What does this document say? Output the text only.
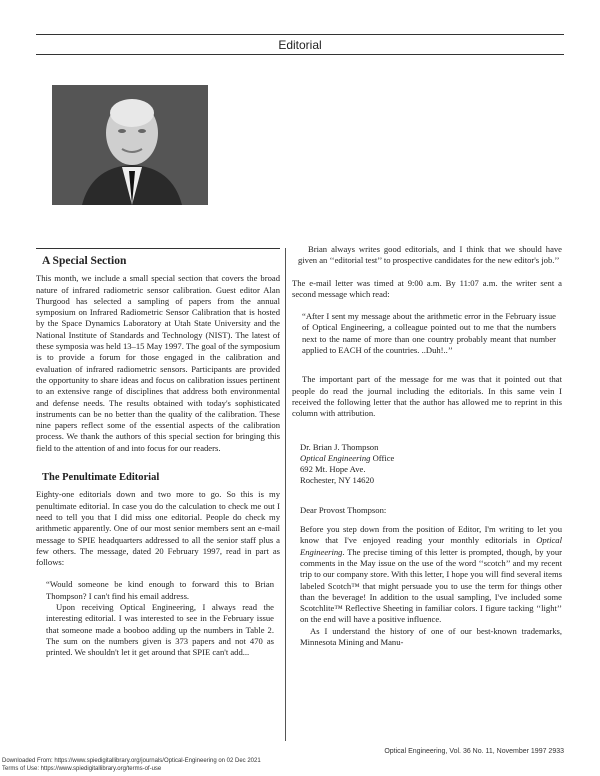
Editorial
A Special Section

This month, we include a small special section that covers the broad nature of infrared radiometric sensor calibration. Guest editor Alan Thurgood has selected a sampling of papers from the annual symposium on Infrared Radiometric Sensor Calibration that is hosted by the Space Dynamics Laboratory at Utah State University and the National Institute of Standards and Technology (NIST). The latest of these symposia was held 13–15 May 1997. The goal of the symposium is to provide a forum for those engaged in the calibration and evaluation of infrared radiometric sensors. Participants are provided the opportunity to share ideas and focus on calibration issues pertinent to an extensive range of disciplines that address both environmental and defense needs. The results obtained with today's sophisticated instruments can be no better than the quality of the calibration. These nine papers reflect some of the essential aspects of the calibration process. We thank the authors of this special section for bringing this field to the attention of and into focus for our readers.

The Penultimate Editorial

Eighty-one editorials down and two more to go. So this is my penultimate editorial. In case you do the calculation to check me out I need to tell you that I did miss one editorial. People do check my arithmetic apparently. One of our most senior members sent an e-mail message to SPIE headquarters addressed to all the senior staff plus a few others. The message, dated 20 February 1997, read in part as follows:

“Would someone be kind enough to forward this to Brian Thompson? I can't find his email address.

Upon receiving Optical Engineering, I always read the interesting editorial. I was interested to see in the February issue that someone made a booboo adding up the numbers in Table 2. The sum on the numbers given is 373 papers and not 470 as printed. We shouldn't let it get around that SPIE can't add...

Brian always writes good editorials, and I think that we should have given an ‘‘editorial test’’ to prospective candidates for the new editor's job.’’

The e-mail letter was timed at 9:00 a.m. By 11:07 a.m. the writer sent a second message which read:

“After I sent my message about the arithmetic error in the February issue of Optical Engineering, a colleague pointed out to me that the numbers next to the name of more than one country probably meant that number applied to EACH of the countries. ..Duh!..’’

The important part of the message for me was that it pointed out that people do read the journal including the editorials. In this same vein I received the following letter that the author has allowed me to reprint in this column with attribution.

Dr. Brian J. Thompson
Optical Engineering Office
692 Mt. Hope Ave.
Rochester, NY 14620

Dear Provost Thompson:

Before you step down from the position of Editor, I'm writing to let you know that I've enjoyed reading your monthly editorials in Optical Engineering. The precise timing of this letter is prompted, though, by your comments in the May issue on the use of the word ‘‘scotch’’ and my recent trip to our company store. With this letter, I hope you will find several items labeled Scotch™ that might persuade you to use the term for things other than the beverage! In addition to the usual sampling, I've included some Scotchlite™ Reflective Sheeting in familiar colors. I figure tacking ‘‘light’’ on the end will have a positive influence.

As I understand the history of one of our best-known trademarks, Minnesota Mining and Manu-

Optical Engineering, Vol. 36 No. 11, November 1997 2933
Downloaded From: https://www.spiedigitallibrary.org/journals/Optical-Engineering on 02 Dec 2021
Terms of Use: https://www.spiedigitallibrary.org/terms-of-use
